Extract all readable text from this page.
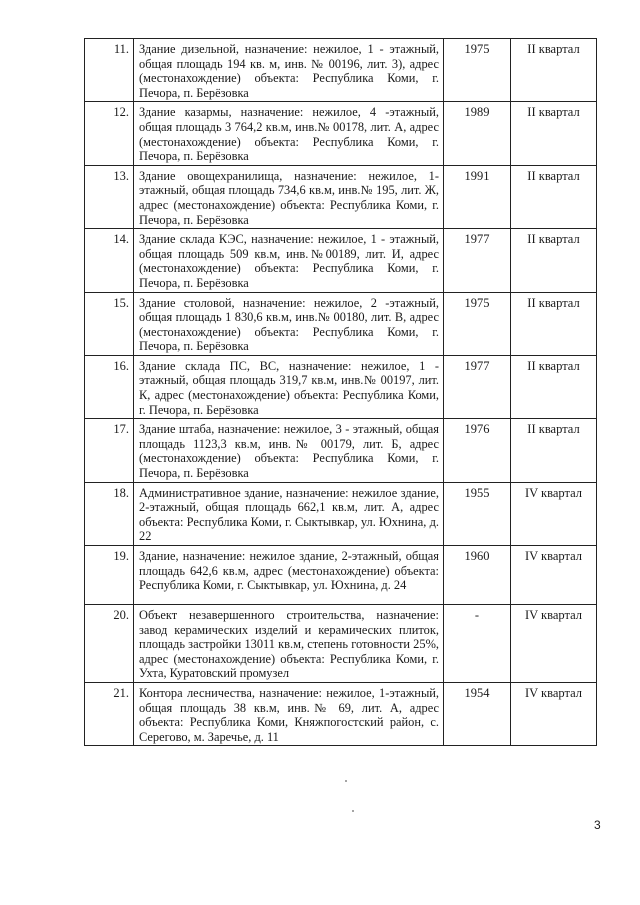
11.	Здание дизельной, назначение: нежилое, 1 - этажный, общая площадь 194 кв. м, инв. № 00196, лит. 3), адрес (местонахождение) объекта: Республика Коми, г. Печора, п. Берёзовка	1975	II квартал
12.	Здание казармы, назначение: нежилое, 4 -этажный, общая площадь 3 764,2 кв.м, инв.№ 00178, лит. А, адрес (местонахождение) объекта: Республика Коми, г. Печора, п. Берёзовка	1989	II квартал
13.	Здание овощехранилища, назначение: нежилое, 1-этажный, общая площадь 734,6 кв.м, инв.№ 195, лит. Ж, адрес (местонахождение) объекта: Республика Коми, г. Печора, п. Берёзовка	1991	II квартал
14.	Здание склада КЭС, назначение: нежилое, 1 - этажный, общая площадь 509 кв.м, инв.№00189, лит. И, адрес (местонахождение) объекта: Республика Коми, г. Печора, п. Берёзовка	1977	II квартал
15.	Здание столовой, назначение: нежилое, 2 -этажный, общая площадь 1 830,6 кв.м, инв.№ 00180, лит. В, адрес (местонахождение) объекта: Республика Коми, г. Печора, п. Берёзовка	1975	II квартал
16.	Здание склада ПС, ВС, назначение: нежилое, 1 - этажный, общая площадь 319,7 кв.м, инв.№ 00197, лит. К, адрес (местонахождение) объекта: Республика Коми, г. Печора, п. Берёзовка	1977	II квартал
17.	Здание штаба, назначение: нежилое, 3 - этажный, общая площадь 1123,3 кв.м, инв.№ 00179, лит. Б, адрес (местонахождение) объекта: Республика Коми, г. Печора, п. Берёзовка	1976	II квартал
18.	Административное здание, назначение: нежилое здание, 2-этажный, общая площадь 662,1 кв.м, лит. А, адрес объекта: Республика Коми, г. Сыктывкар, ул. Юхнина, д. 22	1955	IV квартал
19.	Здание, назначение: нежилое здание, 2-этажный, общая площадь 642,6 кв.м, адрес (местонахождение) объекта: Республика Коми, г. Сыктывкар, ул. Юхнина, д. 24	1960	IV квартал
20.	Объект незавершенного строительства, назначение: завод керамических изделий и керамических плиток, площадь застройки 13011 кв.м, степень готовности 25%, адрес (местонахождение) объекта: Республика Коми, г. Ухта, Куратовский промузел	-	IV квартал
21.	Контора лесничества, назначение: нежилое, 1-этажный, общая площадь 38 кв.м, инв.№ 69, лит. А, адрес объекта: Республика Коми, Княжпогостский район, с. Серегово, м. Заречье, д. 11	1954	IV квартал
3
